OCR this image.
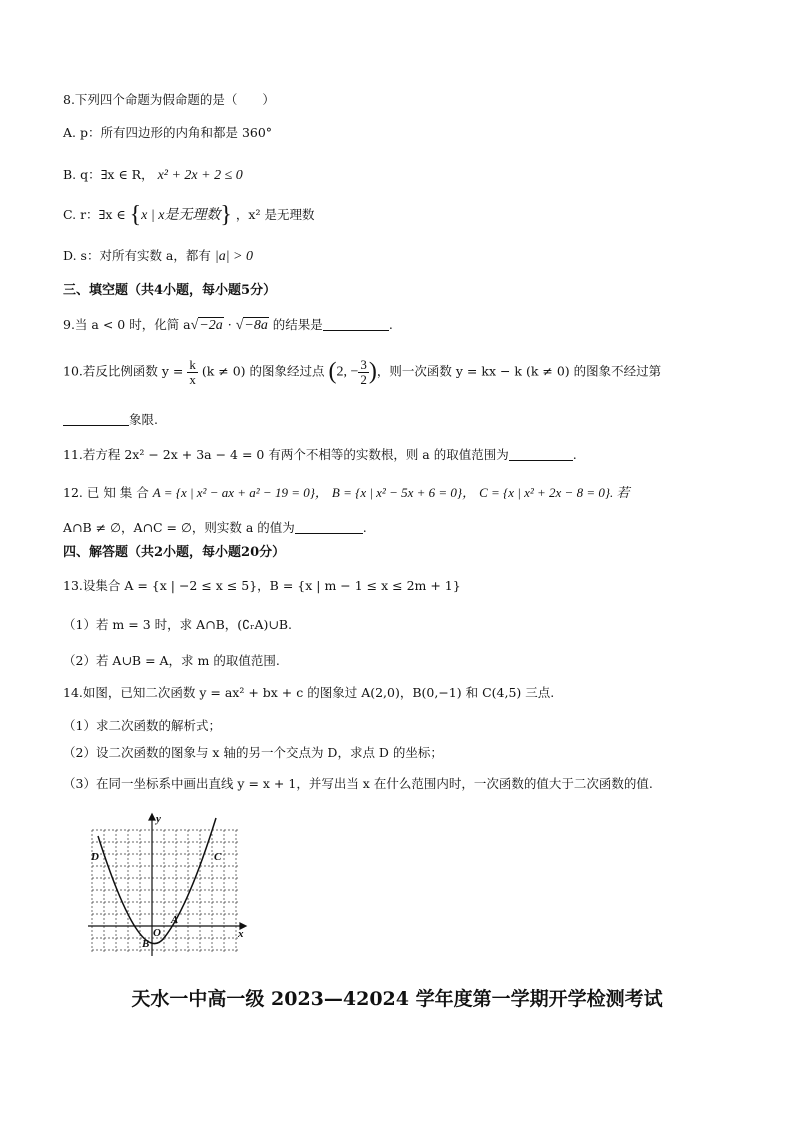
8.下列四个命题为假命题的是（　　）
A. p：所有四边形的内角和都是 360°
B. q：∃x ∈ R， x² + 2x + 2 ≤ 0
C. r：∃x ∈ {x | x是无理数} ，x² 是无理数
D. s：对所有实数 a，都有 |a| > 0
三、填空题（共4小题，每小题5分）
9.当 a < 0 时，化简 a√−2a · √−8a 的结果是	.
10.若反比例函数 $y = \frac{k}{x} (k \ne 0)$ 的图象经过点 (2, − $\frac{3}{2}$ )，则一次函数 y = kx − k (k ≠ 0) 的图象不经过第
象限.
11.若方程 2x² − 2x + 3a − 4 = 0 有两个不相等的实数根，则 a 的取值范围为	.
12. 已 知 集 合 A = {x | x² − ax + a² − 19 = 0}， B = {x | x² − 5x + 6 = 0}， C = {x | x² + 2x − 8 = 0}. 若
A∩B ≠ ∅，A∩C = ∅，则实数 a 的值为	.
四、解答题（共2小题，每小题20分）
13.设集合 A = {x | −2 ≤ x ≤ 5}，B = {x | m − 1 ≤ x ≤ 2m + 1}
（1）若 m = 3 时，求 A∩B，(∁ᵣA)∪B.
（2）若 A∪B = A，求 m 的取值范围.
14.如图，已知二次函数 y = ax² + bx + c 的图象过 A(2,0)，B(0,−1) 和 C(4,5) 三点.
（1）求二次函数的解析式；
（2）设二次函数的图象与 x 轴的另一个交点为 D，求点 D 的坐标；
（3）在同一坐标系中画出直线 y = x + 1，并写出当 x 在什么范围内时，一次函数的值大于二次函数的值.
y
x
O
A
B
C
D
天水一中高一级 2023—42024 学年度第一学期开学检测考试
